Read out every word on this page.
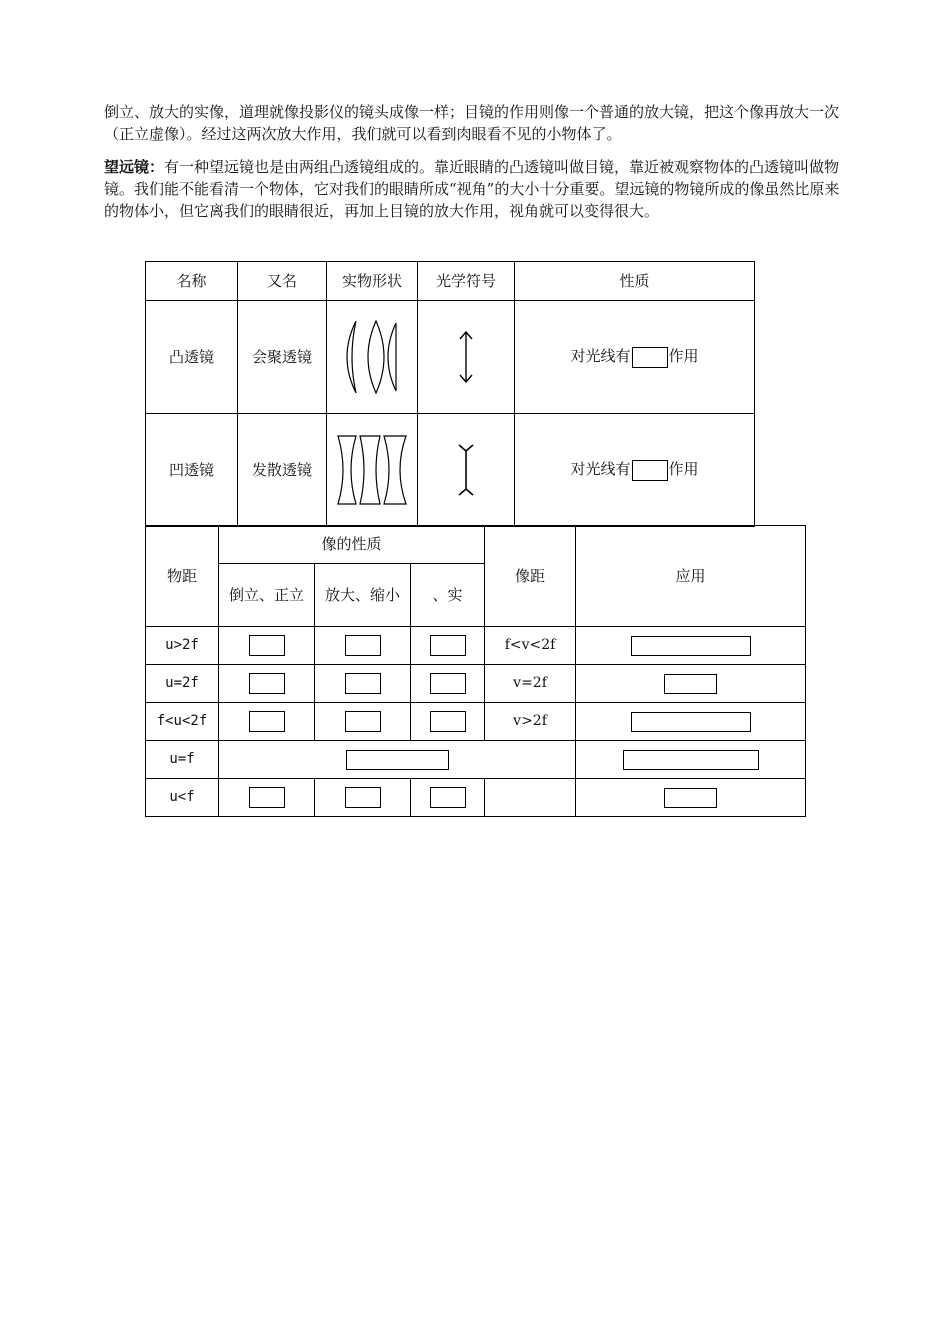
倒立、放大的实像，道理就像投影仪的镜头成像一样；目镜的作用则像一个普通的放大镜，把这个像再放大一次（正立虚像）。经过这两次放大作用，我们就可以看到肉眼看不见的小物体了。

望远镜：有一种望远镜也是由两组凸透镜组成的。靠近眼睛的凸透镜叫做目镜，靠近被观察物体的凸透镜叫做物镜。我们能不能看清一个物体，它对我们的眼睛所成“视角”的大小十分重要。望远镜的物镜所成的像虽然比原来的物体小，但它离我们的眼睛很近，再加上目镜的放大作用，视角就可以变得很大。

名称	又名	实物形状	光学符号	性质
凸透镜	会聚透镜			对光线有 作用
凹透镜	发散透镜			对光线有 作用
物距	像的性质			像距	应用
	倒立、正立	放大、缩小	、实		
u>2f				f<v<2f	
u=2f				v=2f	
f<u<2f				v>2f	
u=f					
u<f					
